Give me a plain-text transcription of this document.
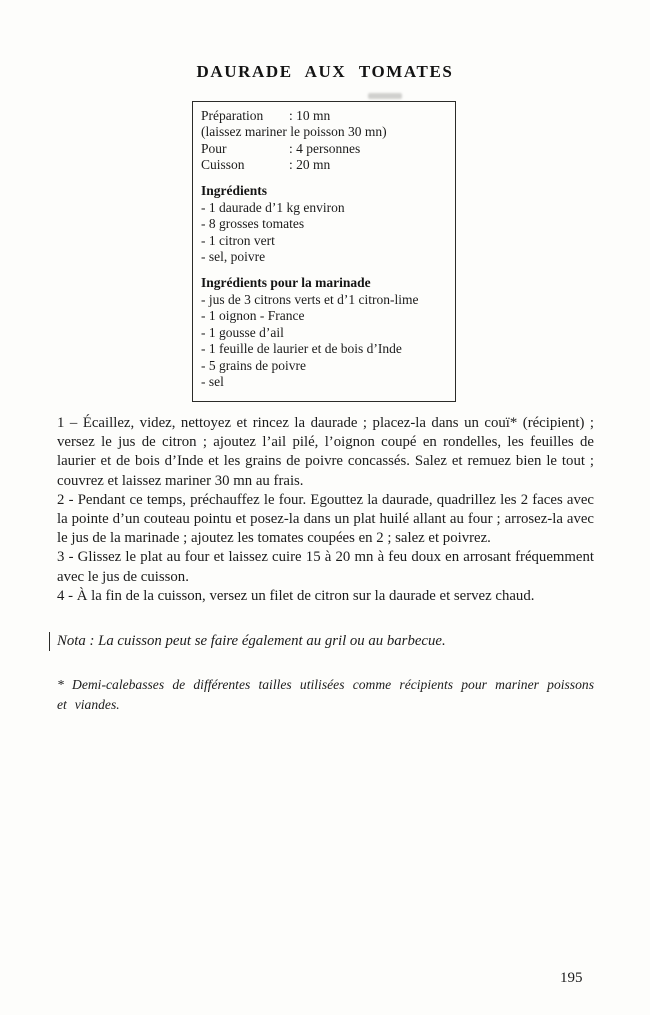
DAURADE AUX TOMATES
Préparation	: 10 mn
(laissez mariner le poisson 30 mn)
Pour	: 4 personnes
Cuisson	: 20 mn
Ingrédients
- 1 daurade d’1 kg environ
- 8 grosses tomates
- 1 citron vert
- sel, poivre
Ingrédients pour la marinade
- jus de 3 citrons verts et d’1 citron-lime
- 1 oignon - France
- 1 gousse d’ail
- 1 feuille de laurier et de bois d’Inde
- 5 grains de poivre
- sel

1 – Écaillez, videz, nettoyez et rincez la daurade ; placez-la dans un couï* (récipient) ; versez le jus de citron ; ajoutez l’ail pilé, l’oignon coupé en rondelles, les feuilles de laurier et de bois d’Inde et les grains de poivre concassés. Salez et remuez bien le tout ; couvrez et laissez mariner 30 mn au frais.

2 - Pendant ce temps, préchauffez le four. Egouttez la daurade, quadrillez les 2 faces avec la pointe d’un couteau pointu et posez-la dans un plat huilé allant au four ; arrosez-la avec le jus de la marinade ; ajoutez les tomates coupées en 2 ; salez et poivrez.

3 - Glissez le plat au four et laissez cuire 15 à 20 mn à feu doux en arrosant fréquemment avec le jus de cuisson.

4 - À la fin de la cuisson, versez un filet de citron sur la daurade et servez chaud.

Nota : La cuisson peut se faire également au gril ou au barbecue.

* Demi-calebasses de différentes tailles utilisées comme récipients pour mariner poissons et viandes.

195
